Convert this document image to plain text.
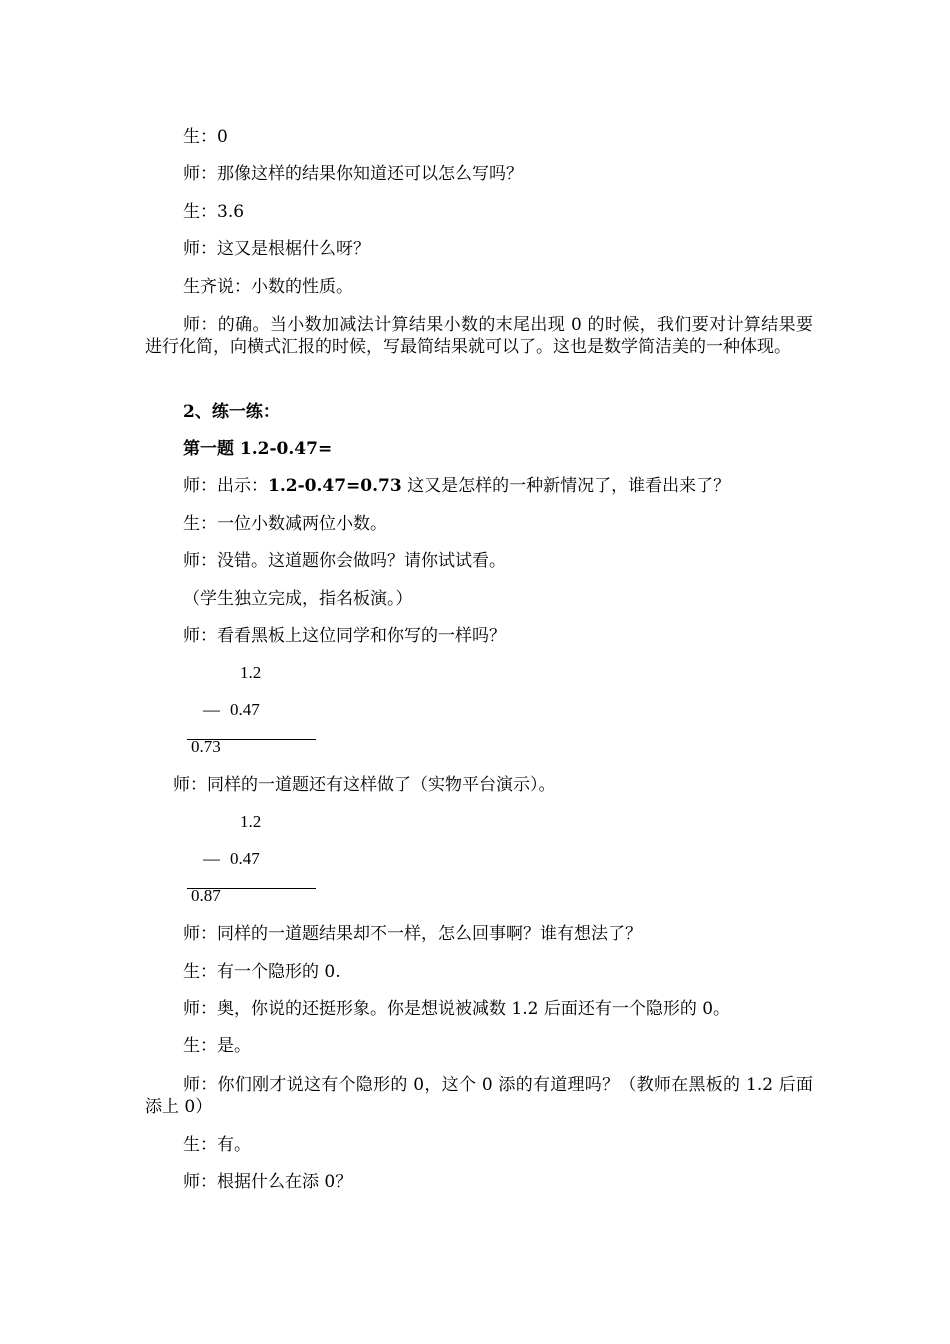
生：0
师：那像这样的结果你知道还可以怎么写吗？
生：3.6
师：这又是根椐什么呀？
生齐说：小数的性质。
师：的确。当小数加减法计算结果小数的末尾出现 0 的时候，我们要对计算结果要进行化简，向横式汇报的时候，写最简结果就可以了。这也是数学简洁美的一种体现。
2、练一练：
第一题 1.2-0.47=
师：出示：1.2-0.47=0.73 这又是怎样的一种新情况了，谁看出来了？
生：一位小数减两位小数。
师：没错。这道题你会做吗？请你试试看。
（学生独立完成，指名板演。）
师：看看黑板上这位同学和你写的一样吗？
1.2
— 0.47
0.73
师：同样的一道题还有这样做了（实物平台演示）。
1.2
— 0.47
0.87
师：同样的一道题结果却不一样，怎么回事啊？谁有想法了？
生：有一个隐形的 0.
师：奥，你说的还挺形象。你是想说被减数 1.2 后面还有一个隐形的 0。
生：是。
师：你们刚才说这有个隐形的 0，这个 0 添的有道理吗？（教师在黑板的 1.2 后面添上 0）
生：有。
师：根据什么在添 0？
